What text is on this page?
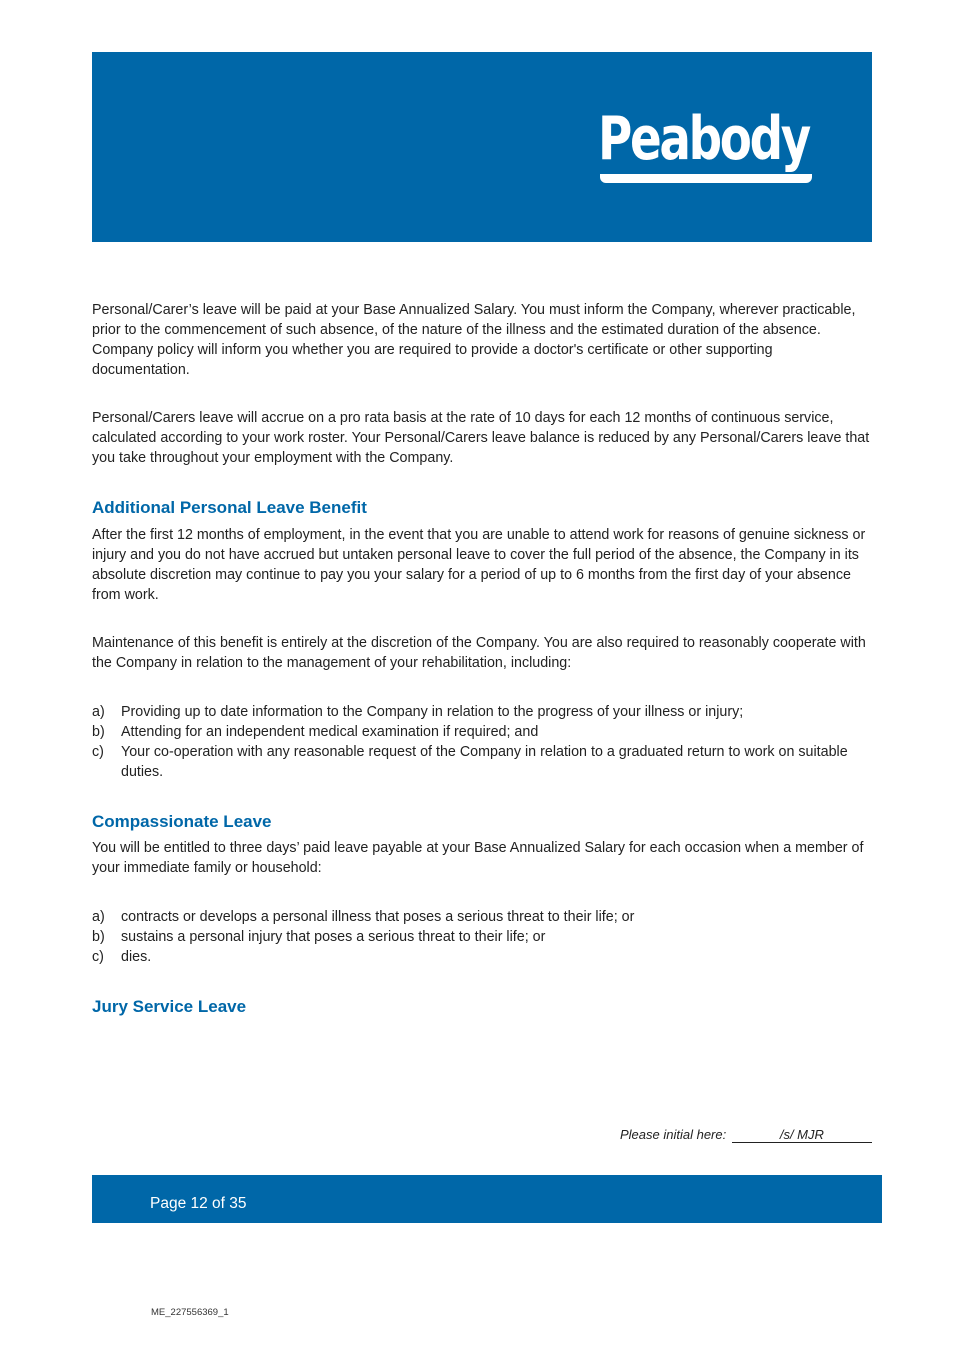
Peabody

Personal/Carer’s leave will be paid at your Base Annualized Salary. You must inform the Company, wherever practicable, prior to the commencement of such absence, of the nature of the illness and the estimated duration of the absence. Company policy will inform you whether you are required to provide a doctor's certificate or other supporting documentation.

Personal/Carers leave will accrue on a pro rata basis at the rate of 10 days for each 12 months of continuous service, calculated according to your work roster. Your Personal/Carers leave balance is reduced by any Personal/Carers leave that you take throughout your employment with the Company.

Additional Personal Leave Benefit

After the first 12 months of employment, in the event that you are unable to attend work for reasons of genuine sickness or injury and you do not have accrued but untaken personal leave to cover the full period of the absence, the Company in its absolute discretion may continue to pay you your salary for a period of up to 6 months from the first day of your absence from work.

Maintenance of this benefit is entirely at the discretion of the Company. You are also required to reasonably cooperate with the Company in relation to the management of your rehabilitation, including:

a) Providing up to date information to the Company in relation to the progress of your illness or injury;
b) Attending for an independent medical examination if required; and
c) Your co-operation with any reasonable request of the Company in relation to a graduated return to work on suitable duties.
Compassionate Leave

You will be entitled to three days’ paid leave payable at your Base Annualized Salary for each occasion when a member of your immediate family or household:

a) contracts or develops a personal illness that poses a serious threat to their life; or
b) sustains a personal injury that poses a serious threat to their life; or
c) dies.
Jury Service Leave
Please initial here:	/s/ MJR
Page 12 of 35
ME_227556369_1
